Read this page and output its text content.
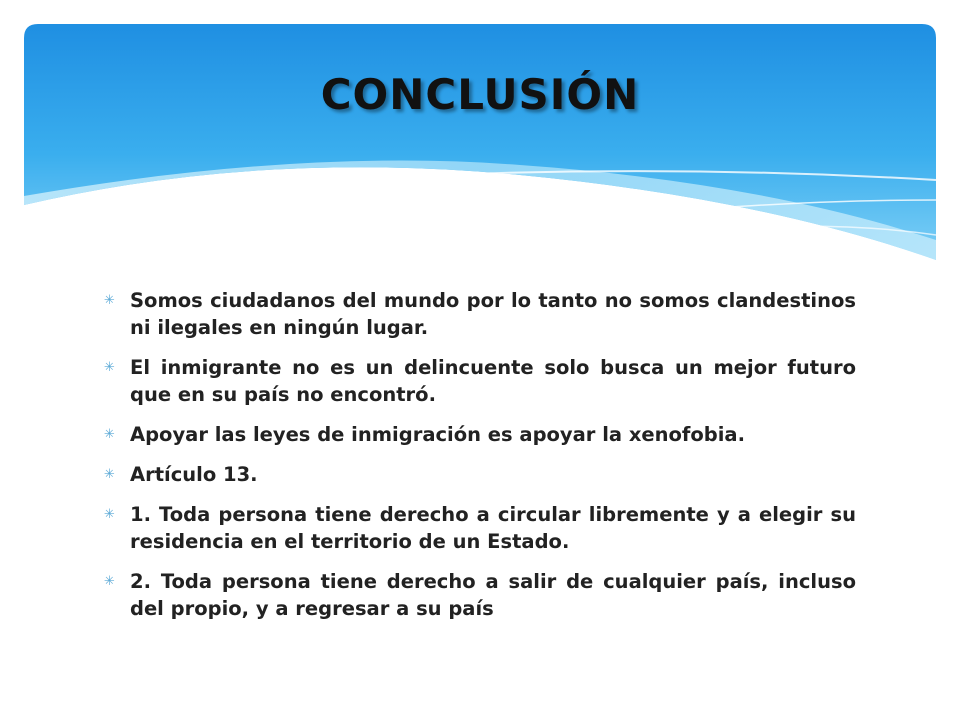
CONCLUSIÓN
✳ Somos ciudadanos del mundo por lo tanto no somos clandestinos ni ilegales en ningún lugar.
✳ El inmigrante no es un delincuente solo busca un mejor futuro que en su país no encontró.
✳ Apoyar las leyes de inmigración es apoyar la xenofobia.
✳ Artículo 13.
✳ 1. Toda persona tiene derecho a circular libremente y a elegir su residencia en el territorio de un Estado.
✳ 2. Toda persona tiene derecho a salir de cualquier país, incluso del propio, y a regresar a su país
